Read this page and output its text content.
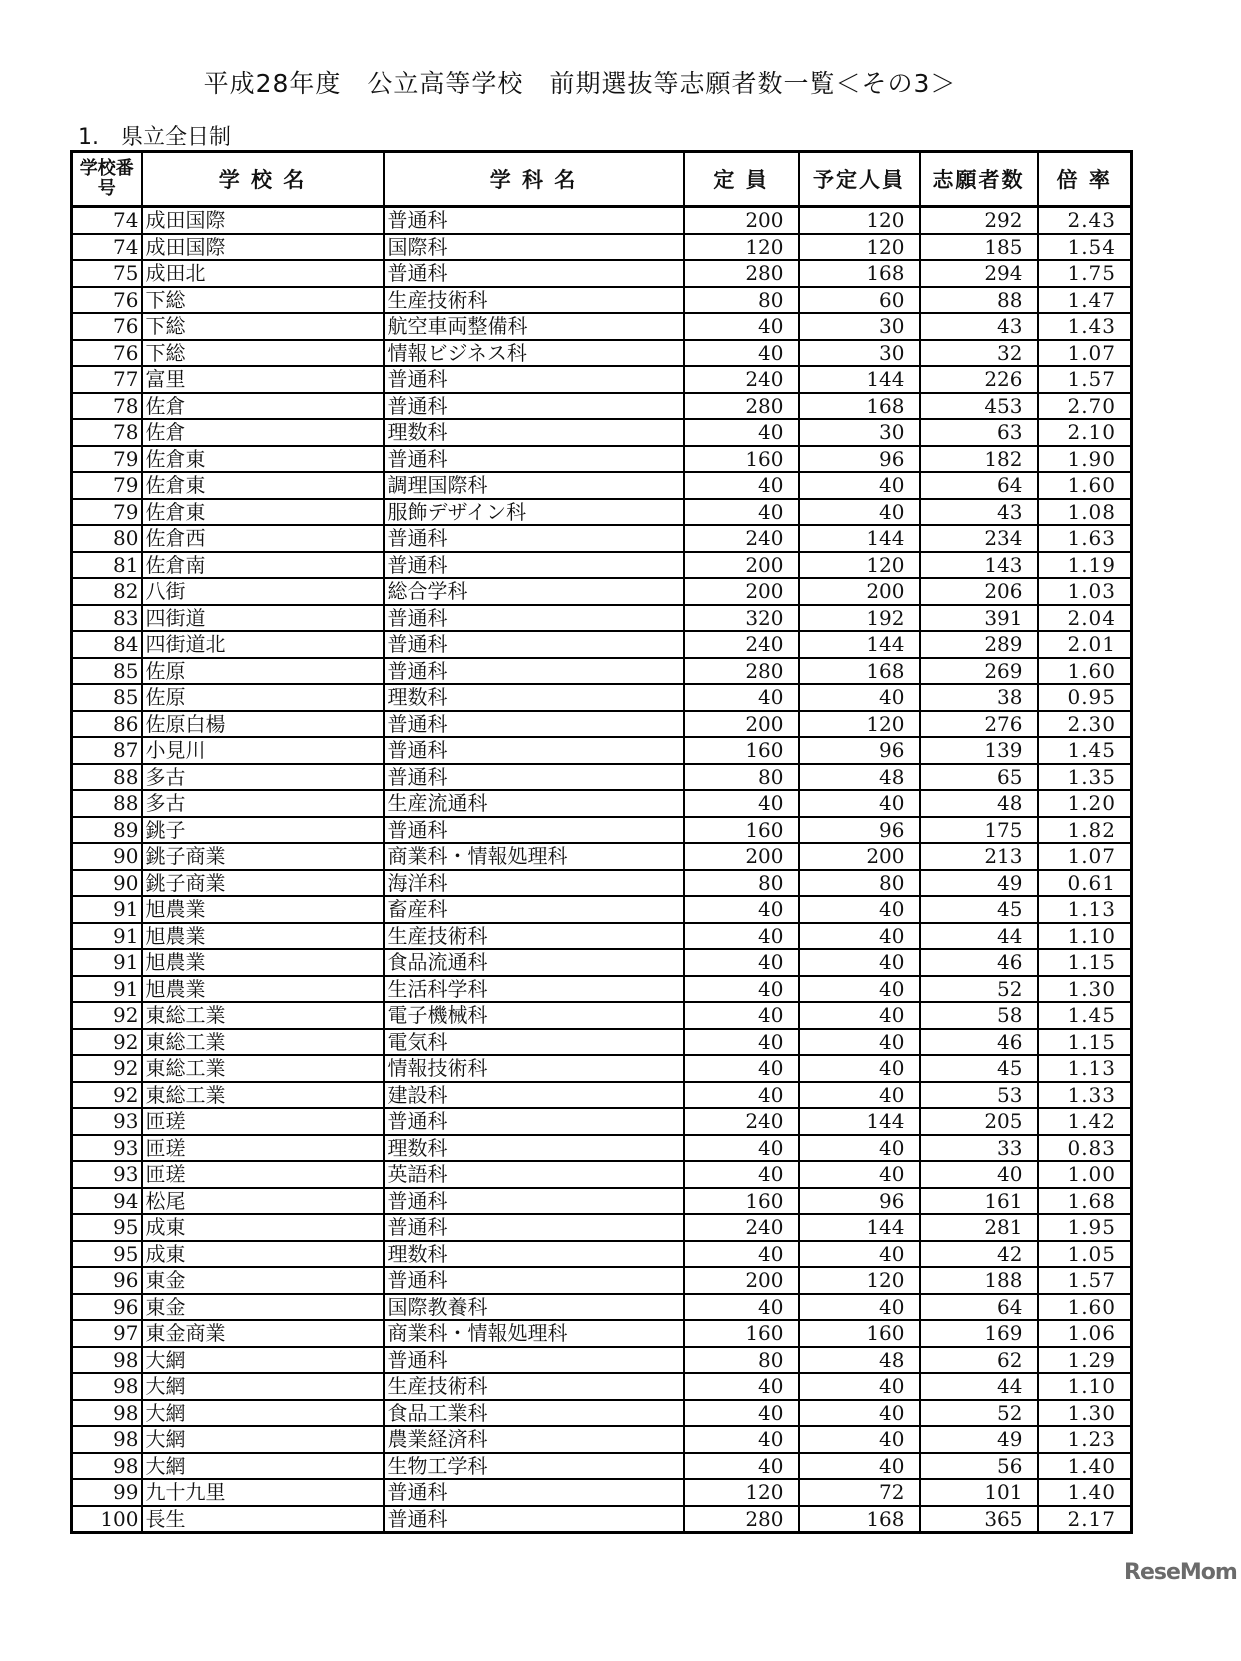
平成28年度　公立高等学校　前期選抜等志願者数一覧＜その3＞
1.　県立全日制
学校番号	学 校 名	学 科 名	定 員	予定人員	志願者数	倍 率
74	成田国際	普通科	200	120	292	2.43
74	成田国際	国際科	120	120	185	1.54
75	成田北	普通科	280	168	294	1.75
76	下総	生産技術科	80	60	88	1.47
76	下総	航空車両整備科	40	30	43	1.43
76	下総	情報ビジネス科	40	30	32	1.07
77	富里	普通科	240	144	226	1.57
78	佐倉	普通科	280	168	453	2.70
78	佐倉	理数科	40	30	63	2.10
79	佐倉東	普通科	160	96	182	1.90
79	佐倉東	調理国際科	40	40	64	1.60
79	佐倉東	服飾デザイン科	40	40	43	1.08
80	佐倉西	普通科	240	144	234	1.63
81	佐倉南	普通科	200	120	143	1.19
82	八街	総合学科	200	200	206	1.03
83	四街道	普通科	320	192	391	2.04
84	四街道北	普通科	240	144	289	2.01
85	佐原	普通科	280	168	269	1.60
85	佐原	理数科	40	40	38	0.95
86	佐原白楊	普通科	200	120	276	2.30
87	小見川	普通科	160	96	139	1.45
88	多古	普通科	80	48	65	1.35
88	多古	生産流通科	40	40	48	1.20
89	銚子	普通科	160	96	175	1.82
90	銚子商業	商業科・情報処理科	200	200	213	1.07
90	銚子商業	海洋科	80	80	49	0.61
91	旭農業	畜産科	40	40	45	1.13
91	旭農業	生産技術科	40	40	44	1.10
91	旭農業	食品流通科	40	40	46	1.15
91	旭農業	生活科学科	40	40	52	1.30
92	東総工業	電子機械科	40	40	58	1.45
92	東総工業	電気科	40	40	46	1.15
92	東総工業	情報技術科	40	40	45	1.13
92	東総工業	建設科	40	40	53	1.33
93	匝瑳	普通科	240	144	205	1.42
93	匝瑳	理数科	40	40	33	0.83
93	匝瑳	英語科	40	40	40	1.00
94	松尾	普通科	160	96	161	1.68
95	成東	普通科	240	144	281	1.95
95	成東	理数科	40	40	42	1.05
96	東金	普通科	200	120	188	1.57
96	東金	国際教養科	40	40	64	1.60
97	東金商業	商業科・情報処理科	160	160	169	1.06
98	大網	普通科	80	48	62	1.29
98	大網	生産技術科	40	40	44	1.10
98	大網	食品工業科	40	40	52	1.30
98	大網	農業経済科	40	40	49	1.23
98	大網	生物工学科	40	40	56	1.40
99	九十九里	普通科	120	72	101	1.40
100	長生	普通科	280	168	365	2.17
ReseMom
